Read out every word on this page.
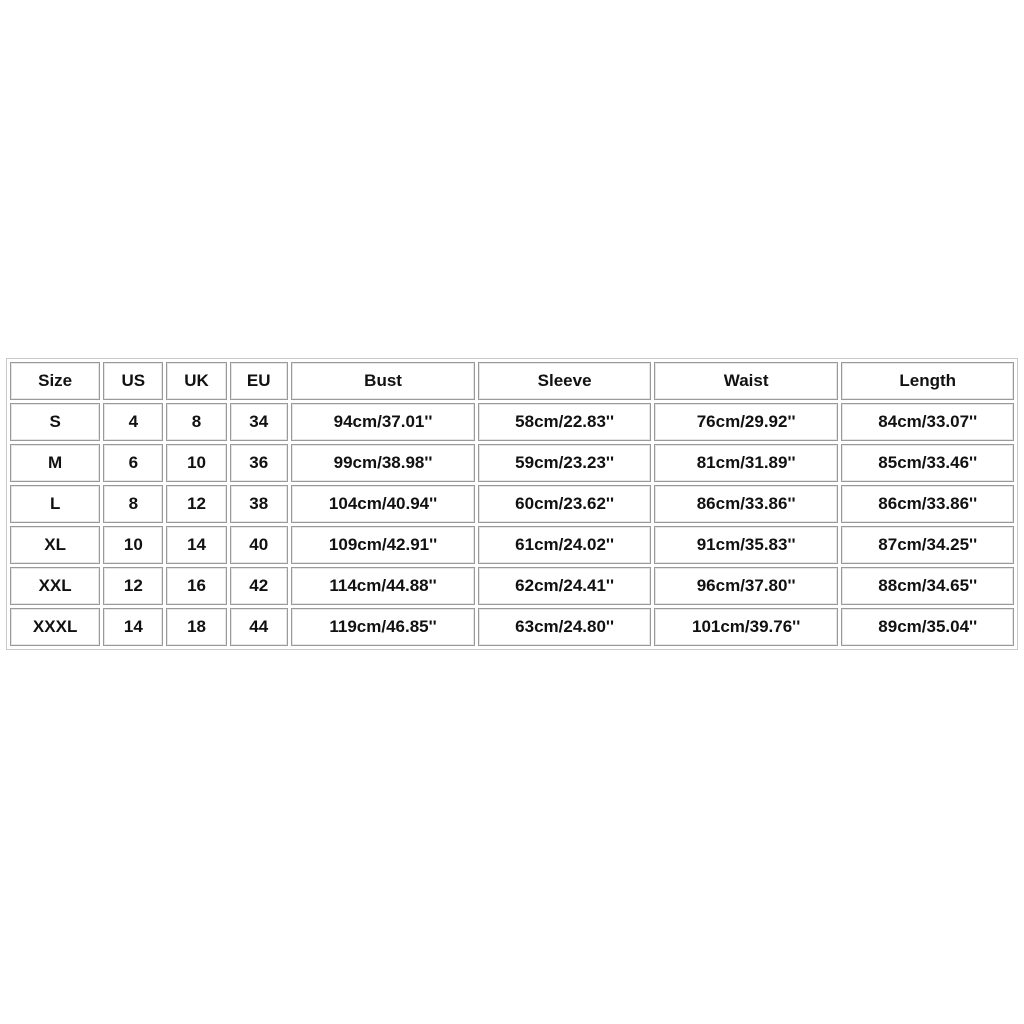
Size	US	UK	EU	Bust	Sleeve	Waist	Length
S	4	8	34	94cm/37.01''	58cm/22.83''	76cm/29.92''	84cm/33.07''
M	6	10	36	99cm/38.98''	59cm/23.23''	81cm/31.89''	85cm/33.46''
L	8	12	38	104cm/40.94''	60cm/23.62''	86cm/33.86''	86cm/33.86''
XL	10	14	40	109cm/42.91''	61cm/24.02''	91cm/35.83''	87cm/34.25''
XXL	12	16	42	114cm/44.88''	62cm/24.41''	96cm/37.80''	88cm/34.65''
XXXL	14	18	44	119cm/46.85''	63cm/24.80''	101cm/39.76''	89cm/35.04''
